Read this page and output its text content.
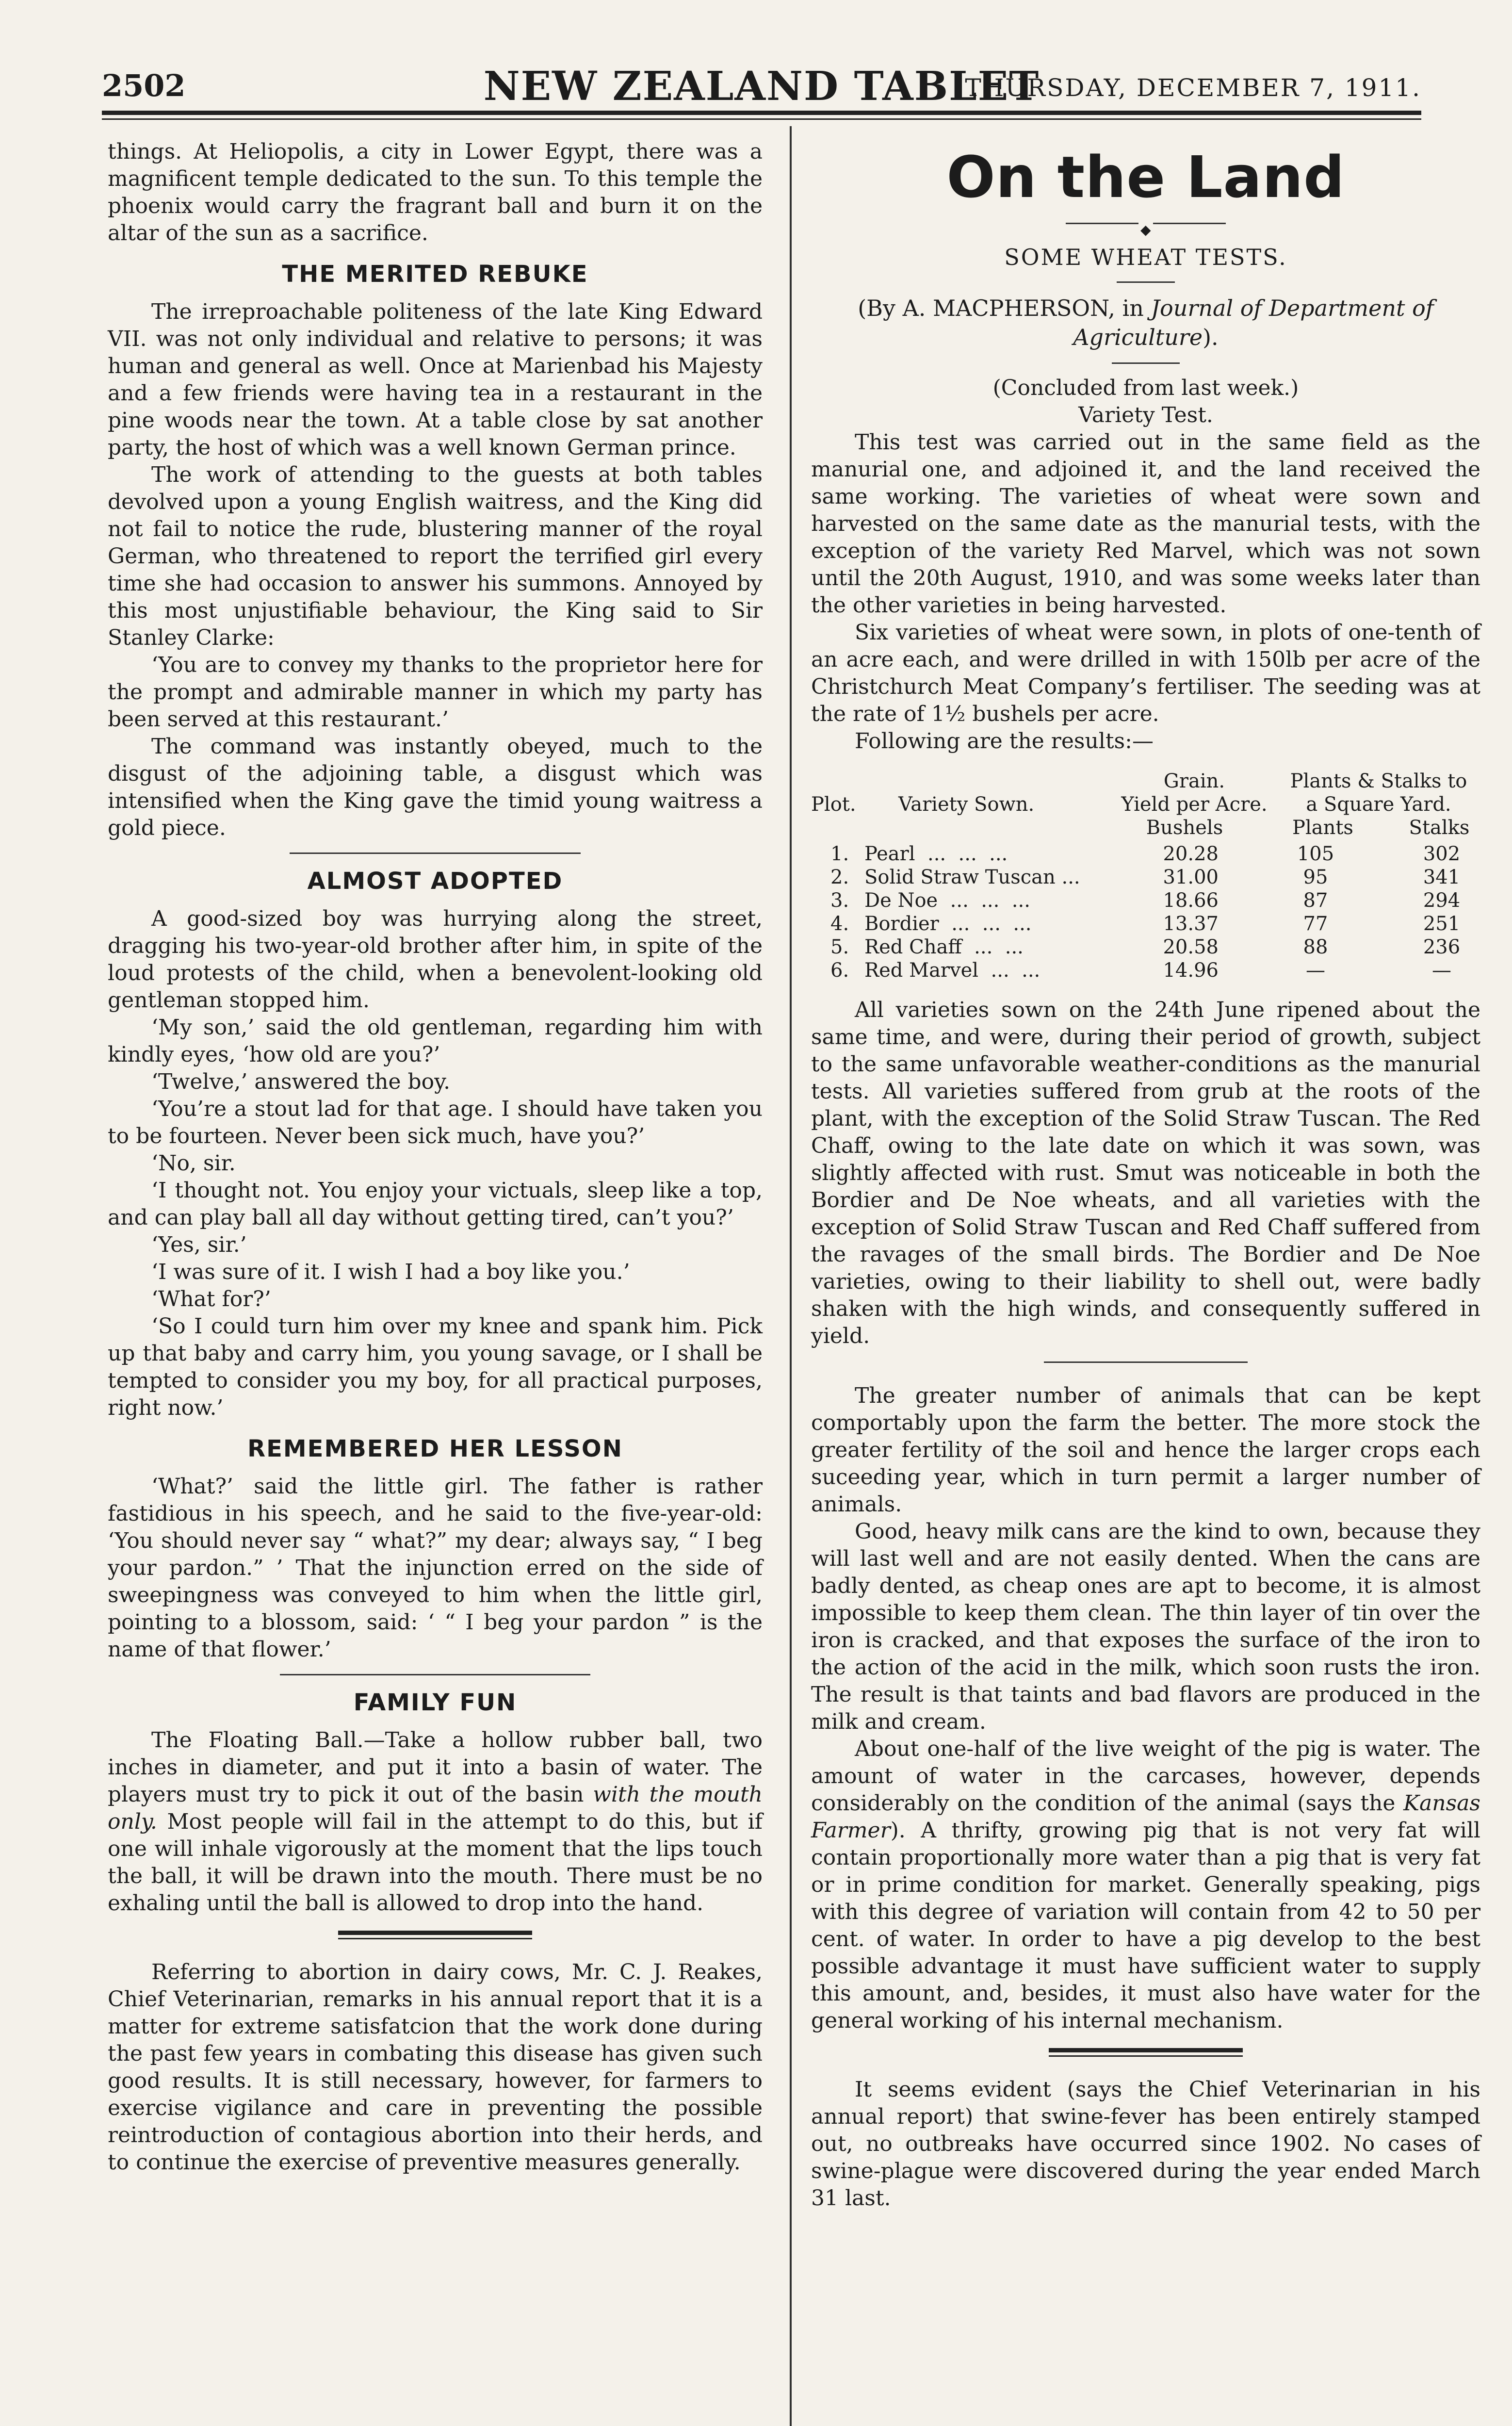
2502	NEW ZEALAND TABLET
THURSDAY, DECEMBER 7, 1911.

things. At Heliopolis, a city in Lower Egypt, there was a magnificent temple dedicated to the sun. To this temple the phoenix would carry the fragrant ball and burn it on the altar of the sun as a sacrifice.

THE MERITED REBUKE

The irreproachable politeness of the late King Edward VII. was not only individual and relative to persons; it was human and general as well. Once at Marienbad his Majesty and a few friends were having tea in a restaurant in the pine woods near the town. At a table close by sat another party, the host of which was a well known German prince.

The work of attending to the guests at both tables devolved upon a young English waitress, and the King did not fail to notice the rude, blustering manner of the royal German, who threatened to report the terrified girl every time she had occasion to answer his summons. Annoyed by this most unjustifiable behaviour, the King said to Sir Stanley Clarke:

‘You are to convey my thanks to the proprietor here for the prompt and admirable manner in which my party has been served at this restaurant.’

The command was instantly obeyed, much to the disgust of the adjoining table, a disgust which was intensified when the King gave the timid young waitress a gold piece.

ALMOST ADOPTED

A good-sized boy was hurrying along the street, dragging his two-year-old brother after him, in spite of the loud protests of the child, when a benevolent-looking old gentleman stopped him.

‘My son,’ said the old gentleman, regarding him with kindly eyes, ‘how old are you?’

‘Twelve,’ answered the boy.

‘You’re a stout lad for that age. I should have taken you to be fourteen. Never been sick much, have you?’

‘No, sir.

‘I thought not. You enjoy your victuals, sleep like a top, and can play ball all day without getting tired, can’t you?’

‘Yes, sir.’

‘I was sure of it. I wish I had a boy like you.’

‘What for?’

‘So I could turn him over my knee and spank him. Pick up that baby and carry him, you young savage, or I shall be tempted to consider you my boy, for all practical purposes, right now.’

REMEMBERED HER LESSON

‘What?’ said the little girl. The father is rather fastidious in his speech, and he said to the five-year-old: ‘You should never say “ what?” my dear; always say, “ I beg your pardon.” ’ That the injunction erred on the side of sweepingness was conveyed to him when the little girl, pointing to a blossom, said: ‘ “ I beg your pardon ” is the name of that flower.’

FAMILY FUN

The Floating Ball.—Take a hollow rubber ball, two inches in diameter, and put it into a basin of water. The players must try to pick it out of the basin with the mouth only. Most people will fail in the attempt to do this, but if one will inhale vigorously at the moment that the lips touch the ball, it will be drawn into the mouth. There must be no exhaling until the ball is allowed to drop into the hand.

Referring to abortion in dairy cows, Mr. C. J. Reakes, Chief Veterinarian, remarks in his annual report that it is a matter for extreme satisfatcion that the work done during the past few years in combating this disease has given such good results. It is still necessary, however, for farmers to exercise vigilance and care in preventing the possible reintroduction of contagious abortion into their herds, and to continue the exercise of preventive measures generally.

On the Land
◆
SOME WHEAT TESTS.
(By A. MACPHERSON, in Journal of Department of Agriculture).
(Concluded from last week.)
Variety Test.

This test was carried out in the same field as the manurial one, and adjoined it, and the land received the same working. The varieties of wheat were sown and harvested on the same date as the manurial tests, with the exception of the variety Red Marvel, which was not sown until the 20th August, 1910, and was some weeks later than the other varieties in being harvested.

Six varieties of wheat were sown, in plots of one-tenth of an acre each, and were drilled in with 150lb per acre of the Christchurch Meat Company’s fertiliser. The seeding was at the rate of 1½ bushels per acre.

Following are the results:—

Plot. Variety Sown.
Grain.
Yield per Acre.
Bushels
Plants & Stalks to
a Square Yard.
Plants	Stalks
1. Pearl  ...  ...  ...	20.28	105	302
2. Solid Straw Tuscan ...	31.00	95	341
3. De Noe  ...  ...  ...	18.66	87	294
4. Bordier  ...  ...  ...	13.37	77	251
5. Red Chaff  ...  ...	20.58	88	236
6. Red Marvel  ...  ...	14.96	—	—

All varieties sown on the 24th June ripened about the same time, and were, during their period of growth, subject to the same unfavorable weather-conditions as the manurial tests. All varieties suffered from grub at the roots of the plant, with the exception of the Solid Straw Tuscan. The Red Chaff, owing to the late date on which it was sown, was slightly affected with rust. Smut was noticeable in both the Bordier and De Noe wheats, and all varieties with the exception of Solid Straw Tuscan and Red Chaff suffered from the ravages of the small birds. The Bordier and De Noe varieties, owing to their liability to shell out, were badly shaken with the high winds, and consequently suffered in yield.

The greater number of animals that can be kept comportably upon the farm the better. The more stock the greater fertility of the soil and hence the larger crops each suceeding year, which in turn permit a larger number of animals.

Good, heavy milk cans are the kind to own, because they will last well and are not easily dented. When the cans are badly dented, as cheap ones are apt to become, it is almost impossible to keep them clean. The thin layer of tin over the iron is cracked, and that exposes the surface of the iron to the action of the acid in the milk, which soon rusts the iron. The result is that taints and bad flavors are produced in the milk and cream.

About one-half of the live weight of the pig is water. The amount of water in the carcases, however, depends considerably on the condition of the animal (says the Kansas Farmer). A thrifty, growing pig that is not very fat will contain proportionally more water than a pig that is very fat or in prime condition for market. Generally speaking, pigs with this degree of variation will contain from 42 to 50 per cent. of water. In order to have a pig develop to the best possible advantage it must have sufficient water to supply this amount, and, besides, it must also have water for the general working of his internal mechanism.

It seems evident (says the Chief Veterinarian in his annual report) that swine-fever has been entirely stamped out, no outbreaks have occurred since 1902. No cases of swine-plague were discovered during the year ended March 31 last.
